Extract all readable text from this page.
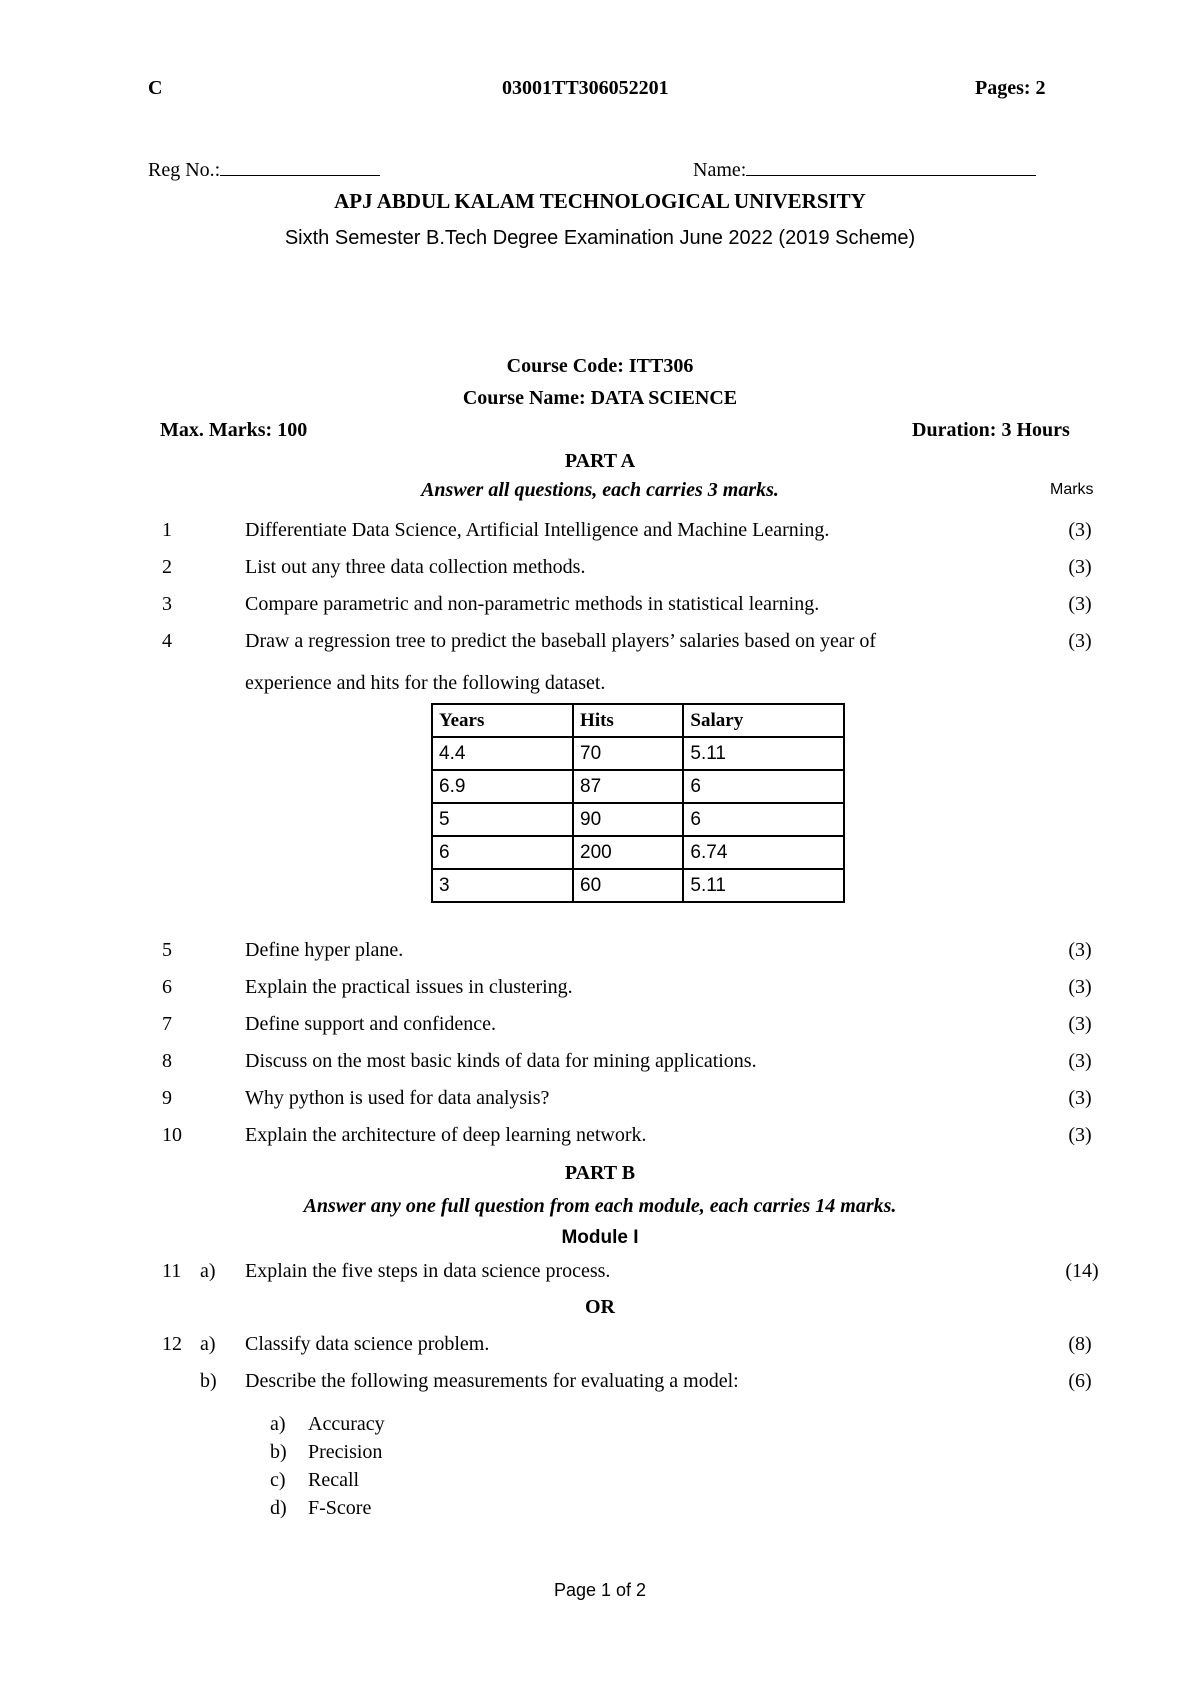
C	03001TT306052201	Pages: 2
Reg No.:	Name:
APJ ABDUL KALAM TECHNOLOGICAL UNIVERSITY
Sixth Semester B.Tech Degree Examination June 2022 (2019 Scheme)
Course Code: ITT306
Course Name: DATA SCIENCE
Max. Marks: 100	Duration: 3 Hours
PART A
Answer all questions, each carries 3 marks.	Marks
1	Differentiate Data Science, Artificial Intelligence and Machine Learning.	(3)
2	List out any three data collection methods.	(3)
3	Compare parametric and non-parametric methods in statistical learning.	(3)
4	Draw a regression tree to predict the baseball players’ salaries based on year of
experience and hits for the following dataset.
(3)
Years	Hits	Salary
4.4	70	5.11
6.9	87	6
5	90	6
6	200	6.74
3	60	5.11
5	Define hyper plane.	(3)
6	Explain the practical issues in clustering.	(3)
7	Define support and confidence.	(3)
8	Discuss on the most basic kinds of data for mining applications.	(3)
9	Why python is used for data analysis?	(3)
10	Explain the architecture of deep learning network.	(3)
PART B
Answer any one full question from each module, each carries 14 marks.
Module I
11 a) Explain the five steps in data science process.	(14)
OR
12 a) Classify data science problem.	(8)
b) Describe the following measurements for evaluating a model:	(6)
a) Accuracy
b) Precision
c) Recall
d) F-Score
Page 1 of 2
